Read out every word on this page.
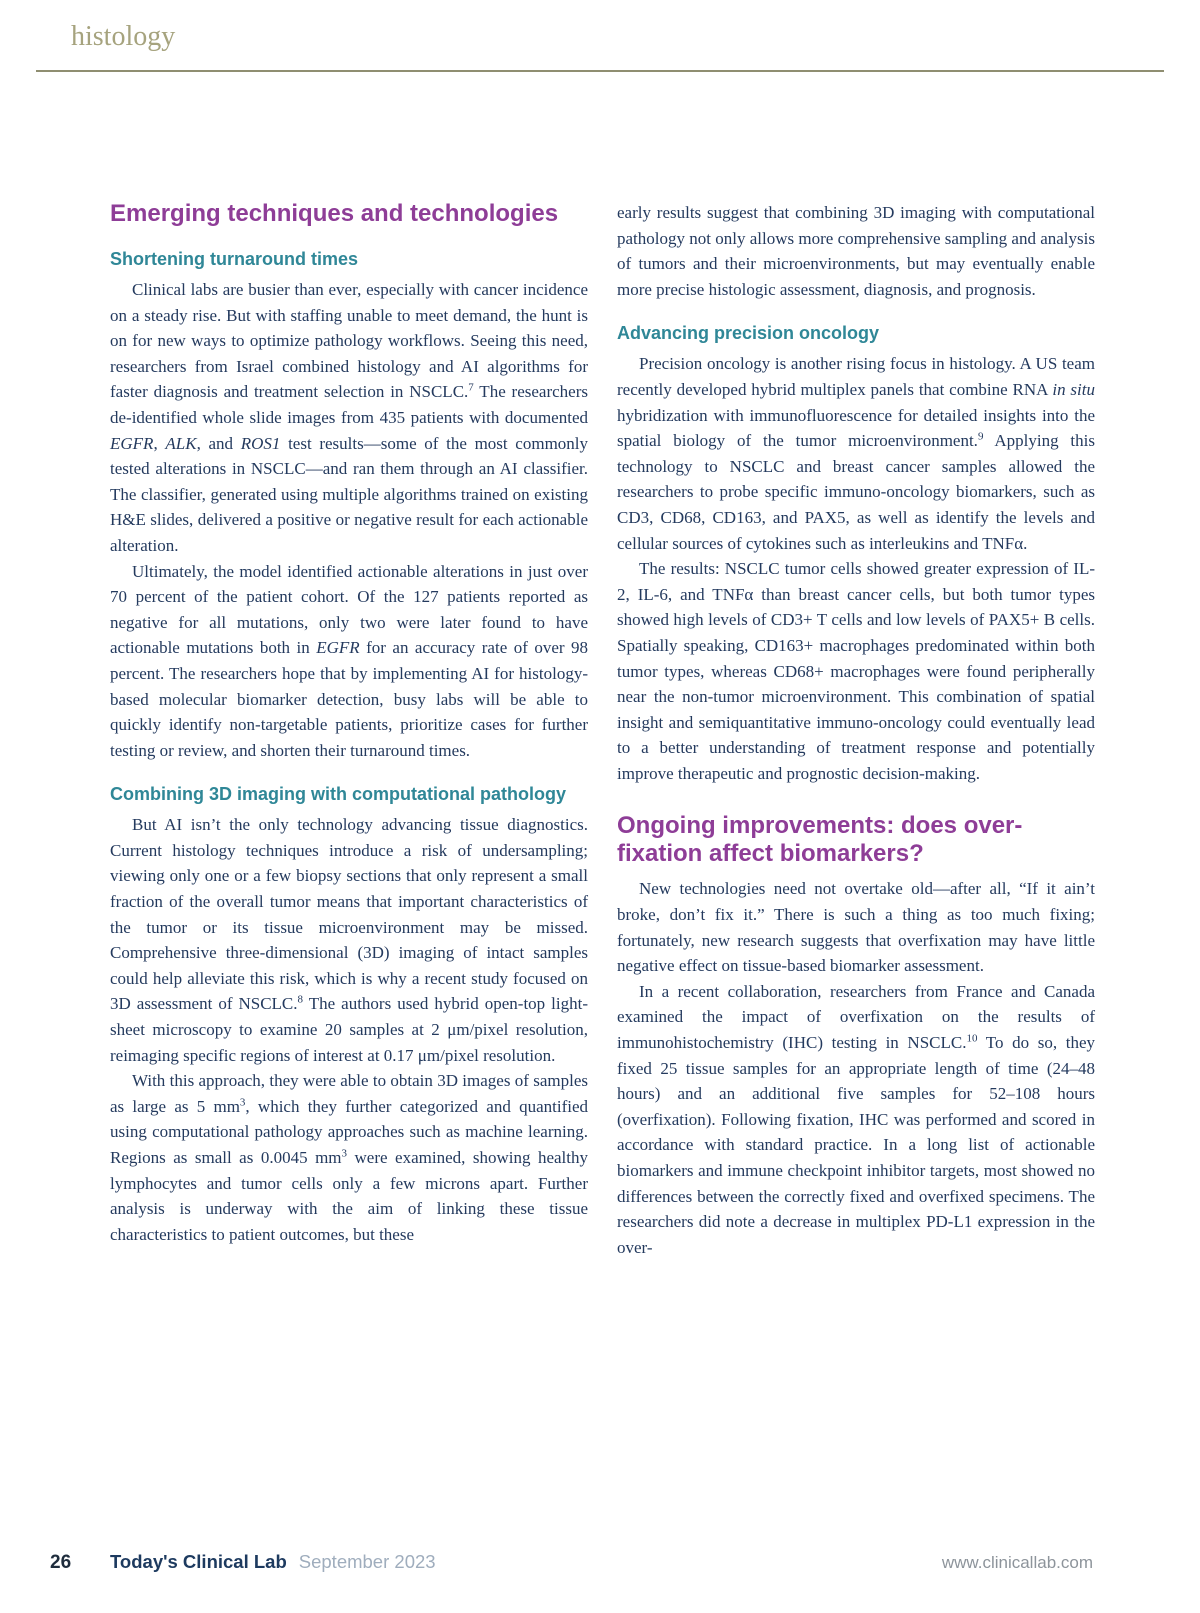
histology
Emerging techniques and technologies
Shortening turnaround times

Clinical labs are busier than ever, especially with cancer incidence on a steady rise. But with staffing unable to meet demand, the hunt is on for new ways to optimize pathology workflows. Seeing this need, researchers from Israel combined histology and AI algorithms for faster diagnosis and treatment selection in NSCLC.$^7$ The researchers de-identified whole slide images from 435 patients with documented EGFR, ALK, and ROS1 test results—some of the most commonly tested alterations in NSCLC—and ran them through an AI classifier. The classifier, generated using multiple algorithms trained on existing H&E slides, delivered a positive or negative result for each actionable alteration.

Ultimately, the model identified actionable alterations in just over 70 percent of the patient cohort. Of the 127 patients reported as negative for all mutations, only two were later found to have actionable mutations both in EGFR for an accuracy rate of over 98 percent. The researchers hope that by implementing AI for histology-based molecular biomarker detection, busy labs will be able to quickly identify non-targetable patients, prioritize cases for further testing or review, and shorten their turnaround times.

Combining 3D imaging with computational pathology

But AI isn’t the only technology advancing tissue diagnostics. Current histology techniques introduce a risk of undersampling; viewing only one or a few biopsy sections that only represent a small fraction of the overall tumor means that important characteristics of the tumor or its tissue microenvironment may be missed. Comprehensive three-dimensional (3D) imaging of intact samples could help alleviate this risk, which is why a recent study focused on 3D assessment of NSCLC.$^8$ The authors used hybrid open-top light-sheet microscopy to examine 20 samples at 2 μm/pixel resolution, reimaging specific regions of interest at 0.17 μm/pixel resolution.

With this approach, they were able to obtain 3D images of samples as large as 5 $mm^3$, which they further categorized and quantified using computational pathology approaches such as machine learning. Regions as small as 0.0045 $mm^3$ were examined, showing healthy lymphocytes and tumor cells only a few microns apart. Further analysis is underway with the aim of linking these tissue characteristics to patient outcomes, but these

early results suggest that combining 3D imaging with computational pathology not only allows more comprehensive sampling and analysis of tumors and their microenvironments, but may eventually enable more precise histologic assessment, diagnosis, and prognosis.

Advancing precision oncology

Precision oncology is another rising focus in histology. A US team recently developed hybrid multiplex panels that combine RNA in situ hybridization with immunofluorescence for detailed insights into the spatial biology of the tumor microenvironment.$^9$ Applying this technology to NSCLC and breast cancer samples allowed the researchers to probe specific immuno-oncology biomarkers, such as CD3, CD68, CD163, and PAX5, as well as identify the levels and cellular sources of cytokines such as interleukins and TNFα.

The results: NSCLC tumor cells showed greater expression of IL-2, IL-6, and TNFα than breast cancer cells, but both tumor types showed high levels of CD3+ T cells and low levels of PAX5+ B cells. Spatially speaking, CD163+ macrophages predominated within both tumor types, whereas CD68+ macrophages were found peripherally near the non-tumor microenvironment. This combination of spatial insight and semiquantitative immuno-oncology could eventually lead to a better understanding of treatment response and potentially improve therapeutic and prognostic decision-making.

Ongoing improvements: does overfixation affect biomarkers?

New technologies need not overtake old—after all, “If it ain’t broke, don’t fix it.” There is such a thing as too much fixing; fortunately, new research suggests that overfixation may have little negative effect on tissue-based biomarker assessment.

In a recent collaboration, researchers from France and Canada examined the impact of overfixation on the results of immunohistochemistry (IHC) testing in NSCLC.$^{10}$ To do so, they fixed 25 tissue samples for an appropriate length of time (24–48 hours) and an additional five samples for 52–108 hours (overfixation). Following fixation, IHC was performed and scored in accordance with standard practice. In a long list of actionable biomarkers and immune checkpoint inhibitor targets, most showed no differences between the correctly fixed and overfixed specimens. The researchers did note a decrease in multiplex PD-L1 expression in the over-

26	Today's Clinical Lab September 2023	www.clinicallab.com
